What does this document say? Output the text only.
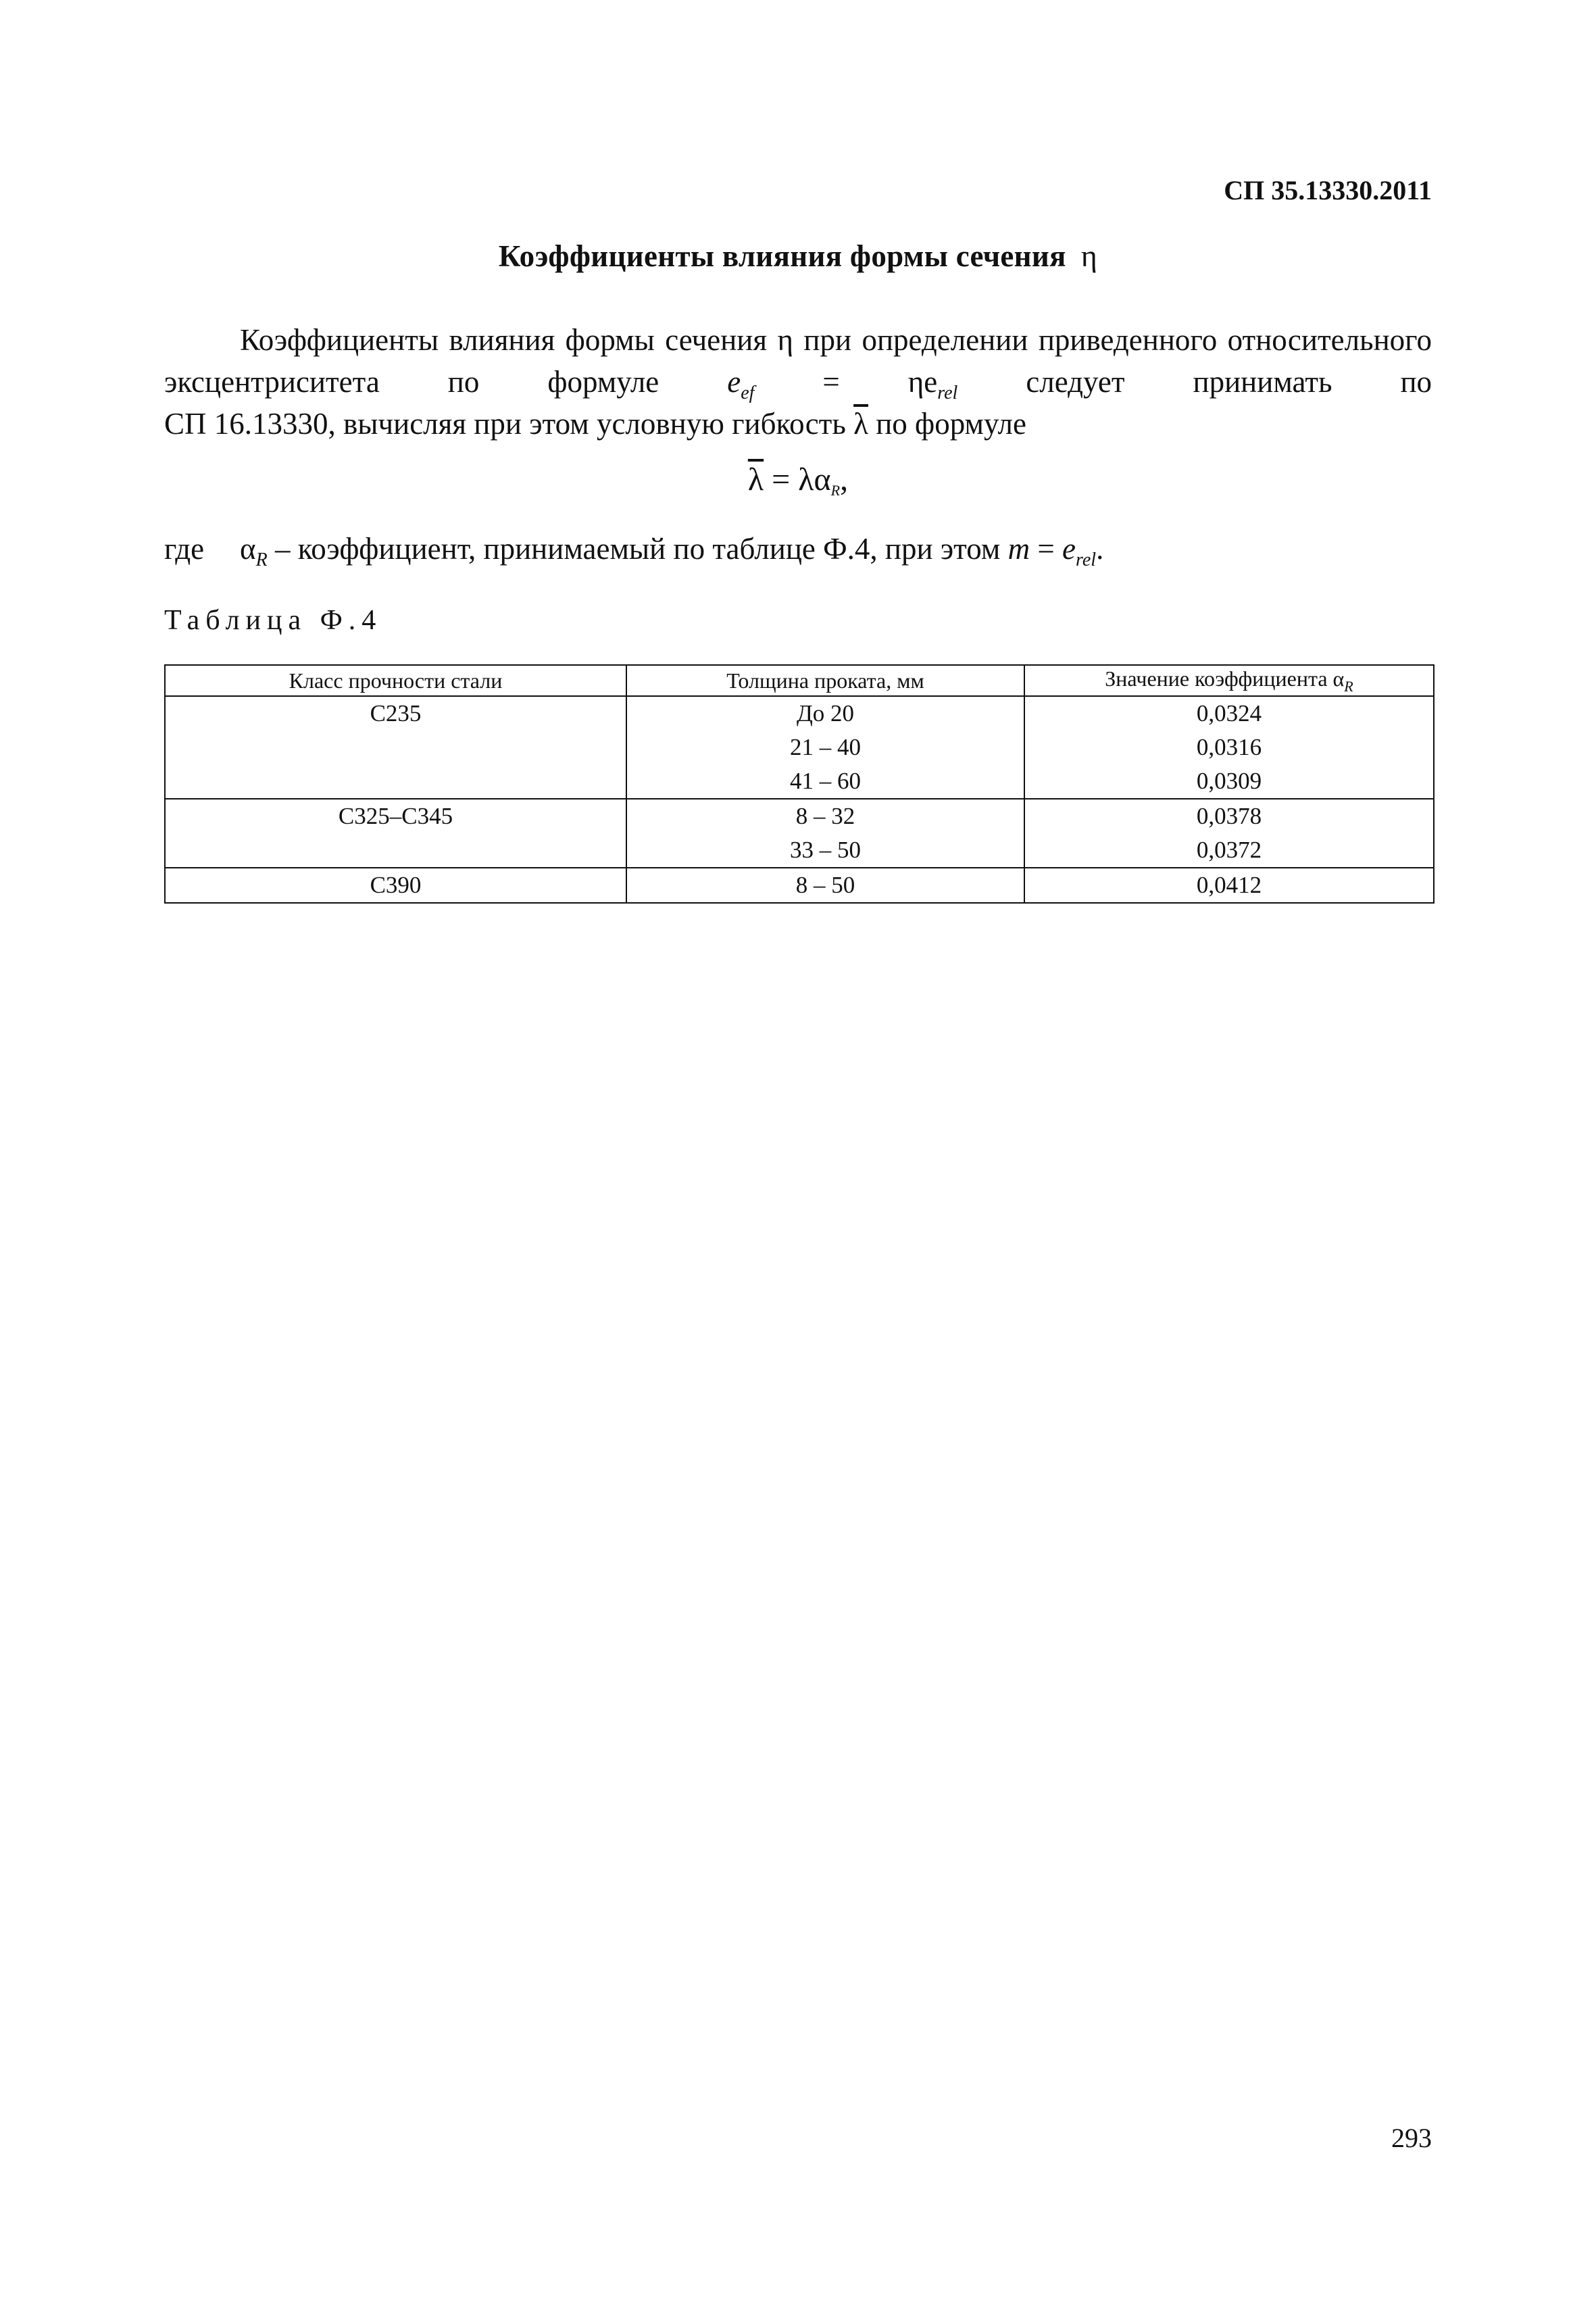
СП 35.13330.2011
Коэффициенты влияния формы сечения η
Коэффициенты влияния формы сечения η при определении приведенного относительного эксцентриситета по формуле $e_{ef} = \eta e_{rel}$ следует принимать по
СП 16.13330, вычисляя при этом условную гибкость $\overline{\lambda}$ по формуле
$\overline{\lambda} = \lambda\alpha R$,
где $\alpha_R$ – коэффициент, принимаемый по таблице Ф.4, при этом $m = e_{rel}$.
Таблица Ф.4
Класс прочности стали	Толщина проката, мм	Значение коэффициента $\alpha_R$
С235	До 20	0,0324
	21 – 40	0,0316
	41 – 60	0,0309
С325–С345	8 – 32	0,0378
	33 – 50	0,0372
С390	8 – 50	0,0412
293
